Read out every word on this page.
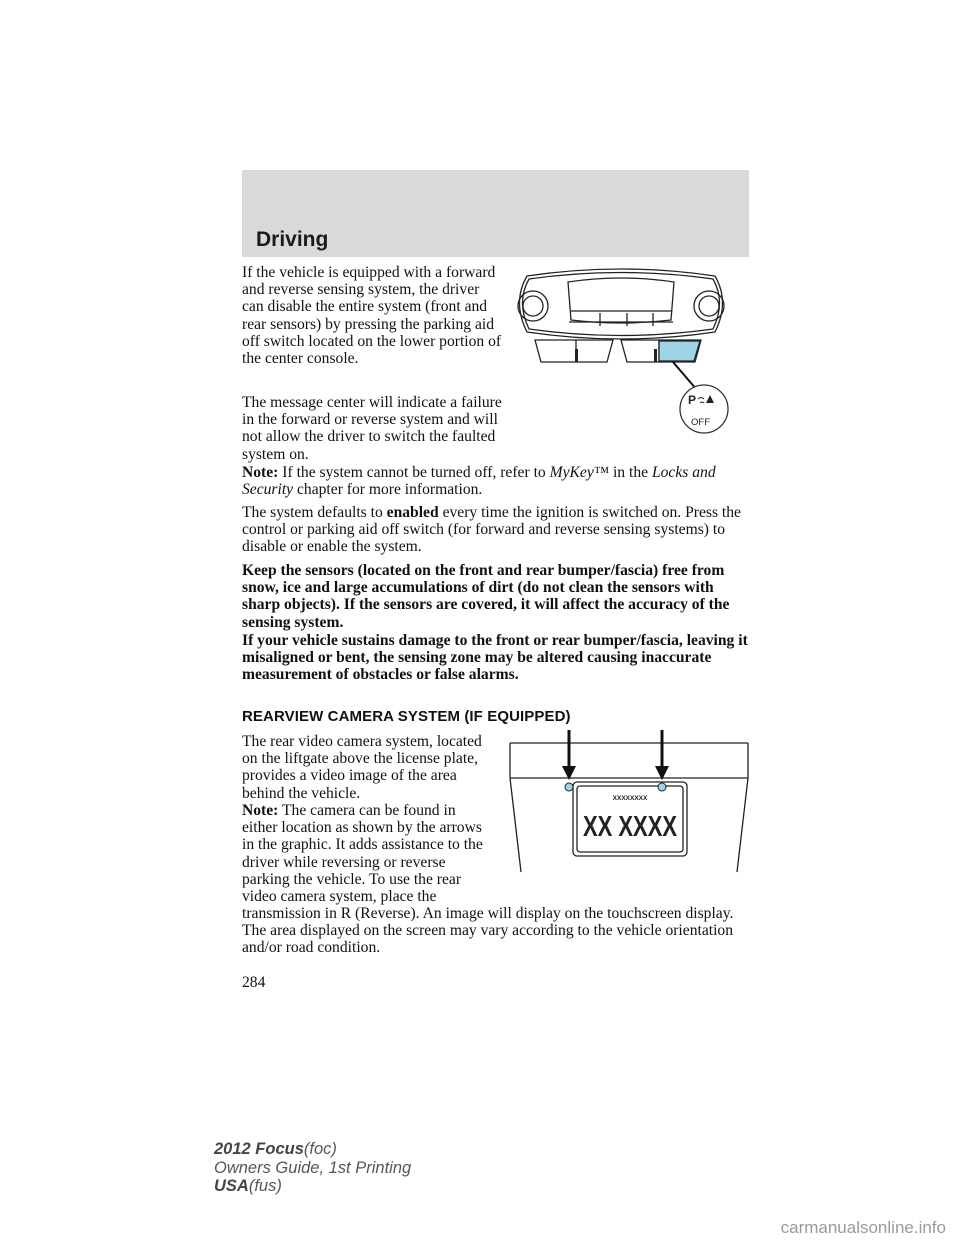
Driving

If the vehicle is equipped with a forward and reverse sensing system, the driver can disable the entire system (front and rear sensors) by pressing the parking aid off switch located on the lower portion of the center console.

The message center will indicate a failure in the forward or reverse system and will not allow the driver to switch the faulted system on.

Note: If the system cannot be turned off, refer to MyKey™ in the Locks and Security chapter for more information.

The system defaults to enabled every time the ignition is switched on. Press the control or parking aid off switch (for forward and reverse sensing systems) to disable or enable the system.

Keep the sensors (located on the front and rear bumper/fascia) free from snow, ice and large accumulations of dirt (do not clean the sensors with sharp objects). If the sensors are covered, it will affect the accuracy of the sensing system.

If your vehicle sustains damage to the front or rear bumper/fascia, leaving it misaligned or bent, the sensing zone may be altered causing inaccurate measurement of obstacles or false alarms.

REARVIEW CAMERA SYSTEM (IF EQUIPPED)

The rear video camera system, located on the liftgate above the license plate, provides a video image of the area behind the vehicle.

Note: The camera can be found in either location as shown by the arrows in the graphic. It adds assistance to the driver while reversing or reverse parking the vehicle. To use the rear video camera system, place the

transmission in R (Reverse). An image will display on the touchscreen display. The area displayed on the screen may vary according to the vehicle orientation and/or road condition.

284
P
OFF
XXXXXXXX
XX XXXX
2012 Focus(foc)
Owners Guide, 1st Printing
USA(fus)
carmanualsonline.info
